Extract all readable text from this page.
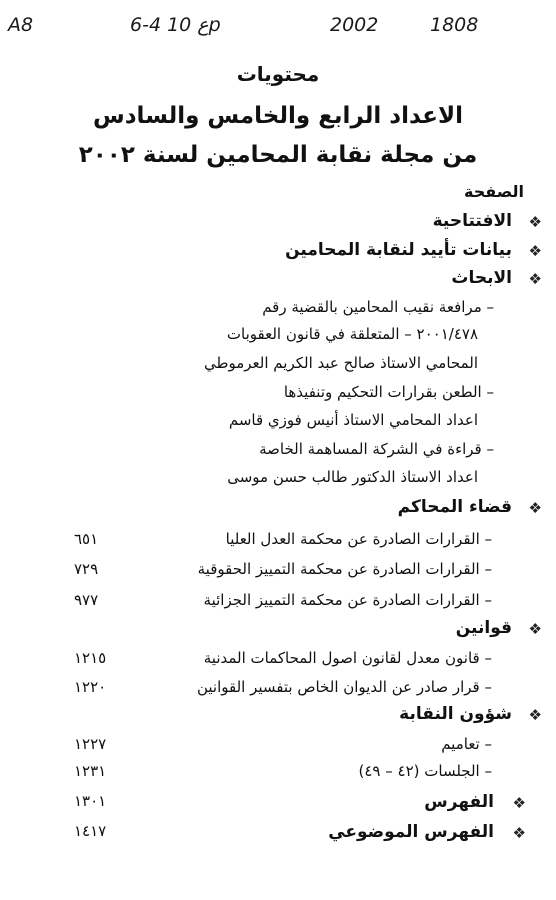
A8	6-4 ع 10p	2002	1808
محتويات
الاعداد الرابع والخامس والسادس
من مجلة نقابة المحامين لسنة ٢٠٠٢
الصفحة
❖
الافتتاحية
❖
بيانات تأييد لنقابة المحامين
❖
الابحاث
– مرافعة نقيب المحامين بالقضية رقم
٢٠٠١/٤٧٨ – المتعلقة في قانون العقوبات
المحامي الاستاذ صالح عبد الكريم العرموطي
– الطعن بقرارات التحكيم وتنفيذها
اعداد المحامي الاستاذ أنيس فوزي قاسم
– قراءة في الشركة المساهمة الخاصة
اعداد الاستاذ الدكتور طالب حسن موسى
❖
قضاء المحاكم
– القرارات الصادرة عن محكمة العدل العليا
٦٥١
– القرارات الصادرة عن محكمة التمييز الحقوقية
٧٢٩
– القرارات الصادرة عن محكمة التمييز الجزائية
٩٧٧
❖
قوانين
– قانون معدل لقانون اصول المحاكمات المدنية
١٢١٥
– قرار صادر عن الديوان الخاص بتفسير القوانين
١٢٢٠
❖
شؤون النقابة
– تعاميم
١٢٢٧
– الجلسات (٤٢ – ٤٩)
١٢٣١
❖
الفهرس
١٣٠١
❖
الفهرس الموضوعي
١٤١٧
